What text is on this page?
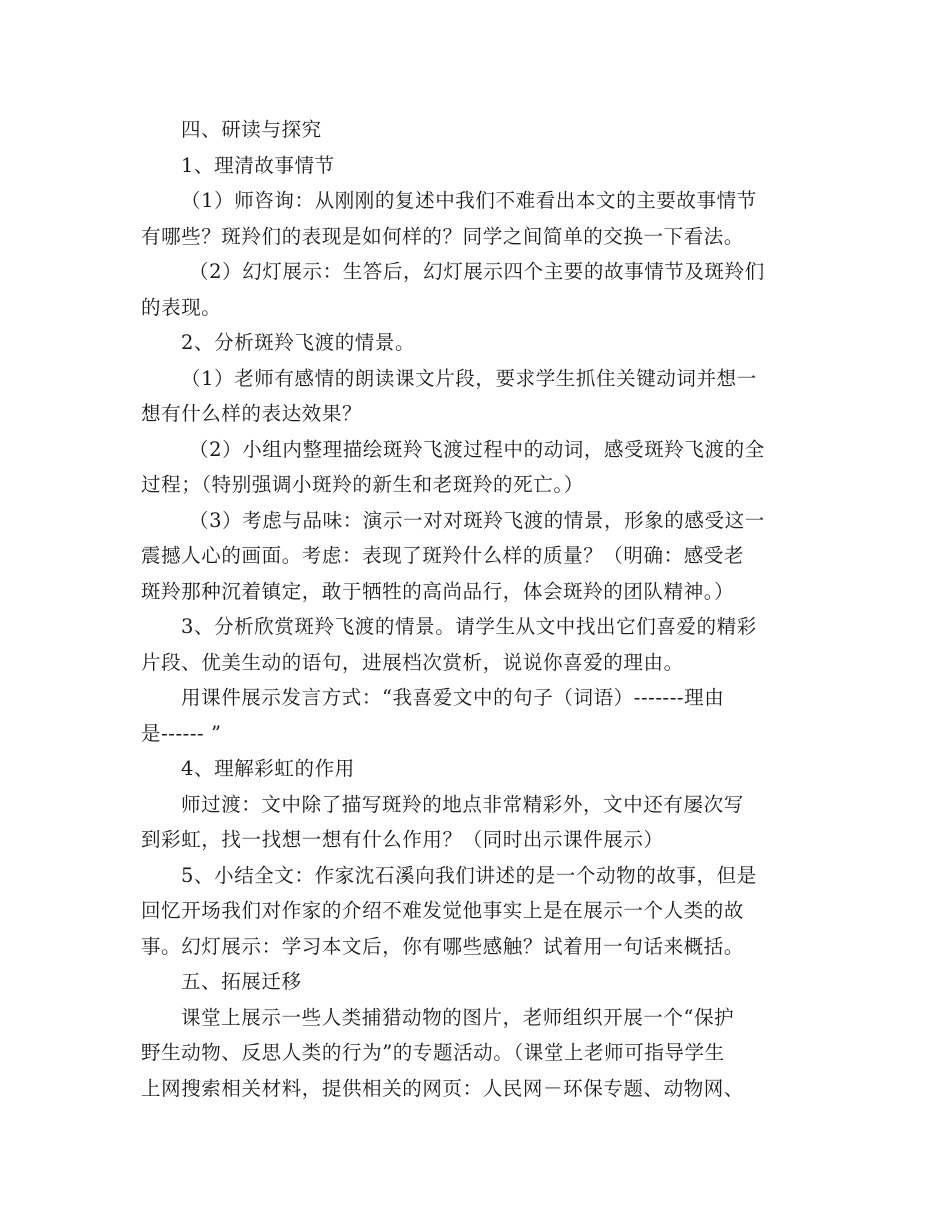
四、研读与探究
1、理清故事情节
（1）师咨询：从刚刚的复述中我们不难看出本文的主要故事情节
有哪些？斑羚们的表现是如何样的？同学之间简单的交换一下看法。
（2）幻灯展示：生答后，幻灯展示四个主要的故事情节及斑羚们
的表现。
2、分析斑羚飞渡的情景。
（1）老师有感情的朗读课文片段，要求学生抓住关键动词并想一
想有什么样的表达效果？
（2）小组内整理描绘斑羚飞渡过程中的动词，感受斑羚飞渡的全
过程；（特别强调小斑羚的新生和老斑羚的死亡。）
（3）考虑与品味：演示一对对斑羚飞渡的情景，形象的感受这一
震撼人心的画面。考虑：表现了斑羚什么样的质量？（明确：感受老
斑羚那种沉着镇定，敢于牺牲的高尚品行，体会斑羚的团队精神。）
3、分析欣赏斑羚飞渡的情景。请学生从文中找出它们喜爱的精彩
片段、优美生动的语句，进展档次赏析，说说你喜爱的理由。
用课件展示发言方式：“我喜爱文中的句子（词语）-------理由
是------ ”
4、理解彩虹的作用
师过渡：文中除了描写斑羚的地点非常精彩外，文中还有屡次写
到彩虹，找一找想一想有什么作用？（同时出示课件展示）
5、小结全文：作家沈石溪向我们讲述的是一个动物的故事，但是
回忆开场我们对作家的介绍不难发觉他事实上是在展示一个人类的故
事。幻灯展示：学习本文后，你有哪些感触？试着用一句话来概括。
五、拓展迁移
课堂上展示一些人类捕猎动物的图片，老师组织开展一个“保护
野生动物、反思人类的行为”的专题活动。（课堂上老师可指导学生
上网搜索相关材料，提供相关的网页：人民网－环保专题、动物网、
